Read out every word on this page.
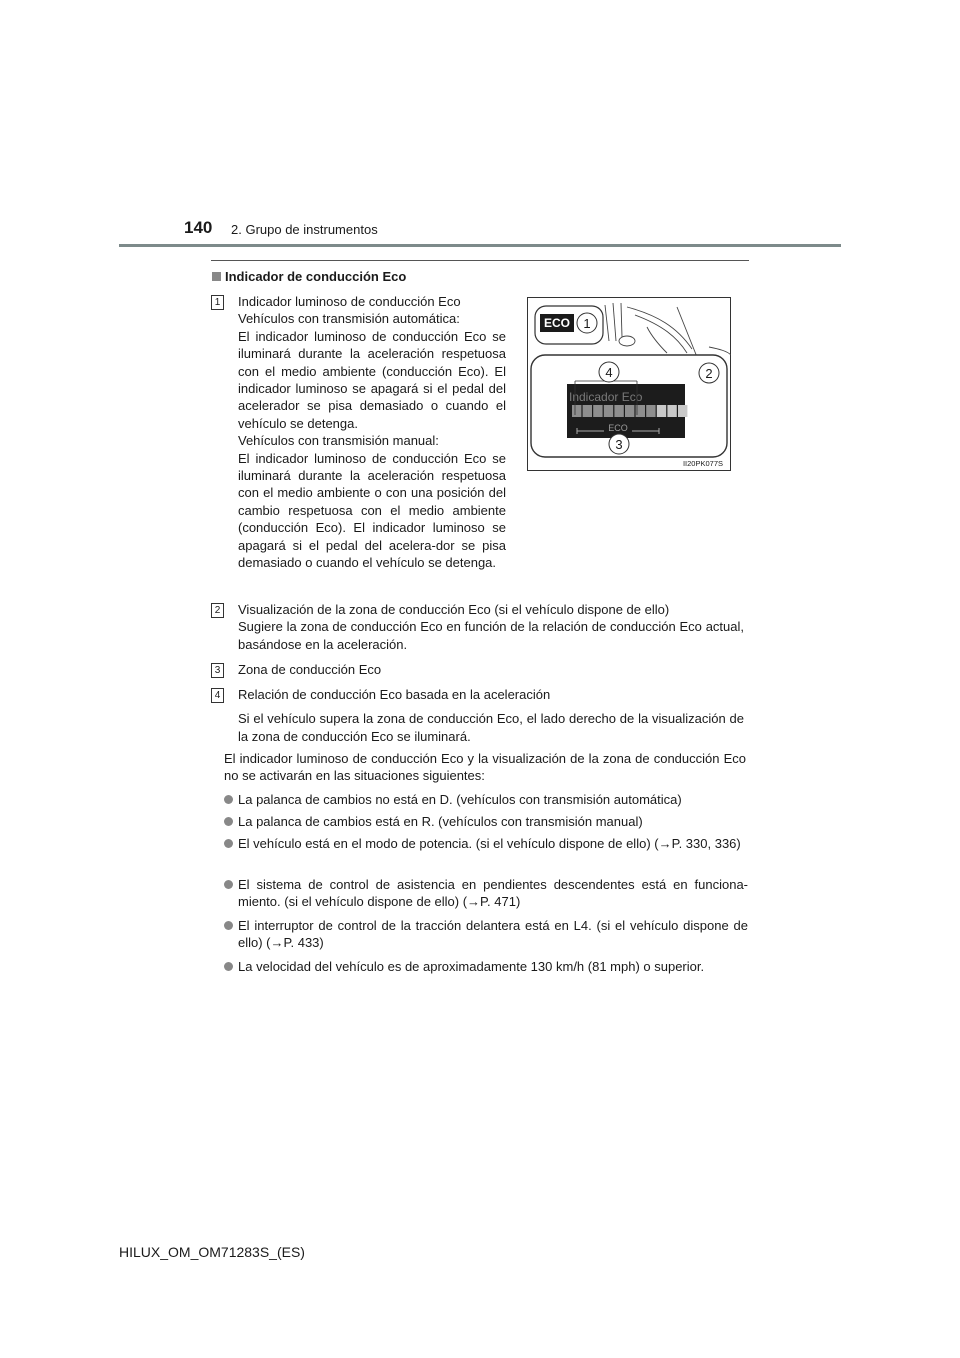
140 2. Grupo de instrumentos
Indicador de conducción Eco
1 Indicador luminoso de conducción Eco

Vehículos con transmisión automática:

El indicador luminoso de conducción Eco se iluminará durante la aceleración respetuosa con el medio ambiente (conducción Eco). El indicador luminoso se apagará si el pedal del acelerador se pisa demasiado o cuando el vehículo se detenga.

Vehículos con transmisión manual:

El indicador luminoso de conducción Eco se iluminará durante la aceleración respetuosa con el medio ambiente o con una posición del cambio respetuosa con el medio ambiente (conducción Eco). El indicador luminoso se apagará si el pedal del acelera-dor se pisa demasiado o cuando el vehículo se detenga.

ECO 1
Indicador Eco
ECO
4	2
3
II20PK077S
2 Visualización de la zona de conducción Eco (si el vehículo dispone de ello)

Sugiere la zona de conducción Eco en función de la relación de conducción Eco actual, basándose en la aceleración.

3 Zona de conducción Eco

4 Relación de conducción Eco basada en la aceleración

Si el vehículo supera la zona de conducción Eco, el lado derecho de la visualización de la zona de conducción Eco se iluminará.

El indicador luminoso de conducción Eco y la visualización de la zona de conducción Eco no se activarán en las situaciones siguientes:
La palanca de cambios no está en D. (vehículos con transmisión automática)
La palanca de cambios está en R. (vehículos con transmisión manual)
El vehículo está en el modo de potencia. (si el vehículo dispone de ello) (→P. 330, 336)
El sistema de control de asistencia en pendientes descendentes está en funciona-miento. (si el vehículo dispone de ello) (→P. 471)
El interruptor de control de la tracción delantera está en L4. (si el vehículo dispone de ello) (→P. 433)
La velocidad del vehículo es de aproximadamente 130 km/h (81 mph) o superior.
HILUX_OM_OM71283S_(ES)
